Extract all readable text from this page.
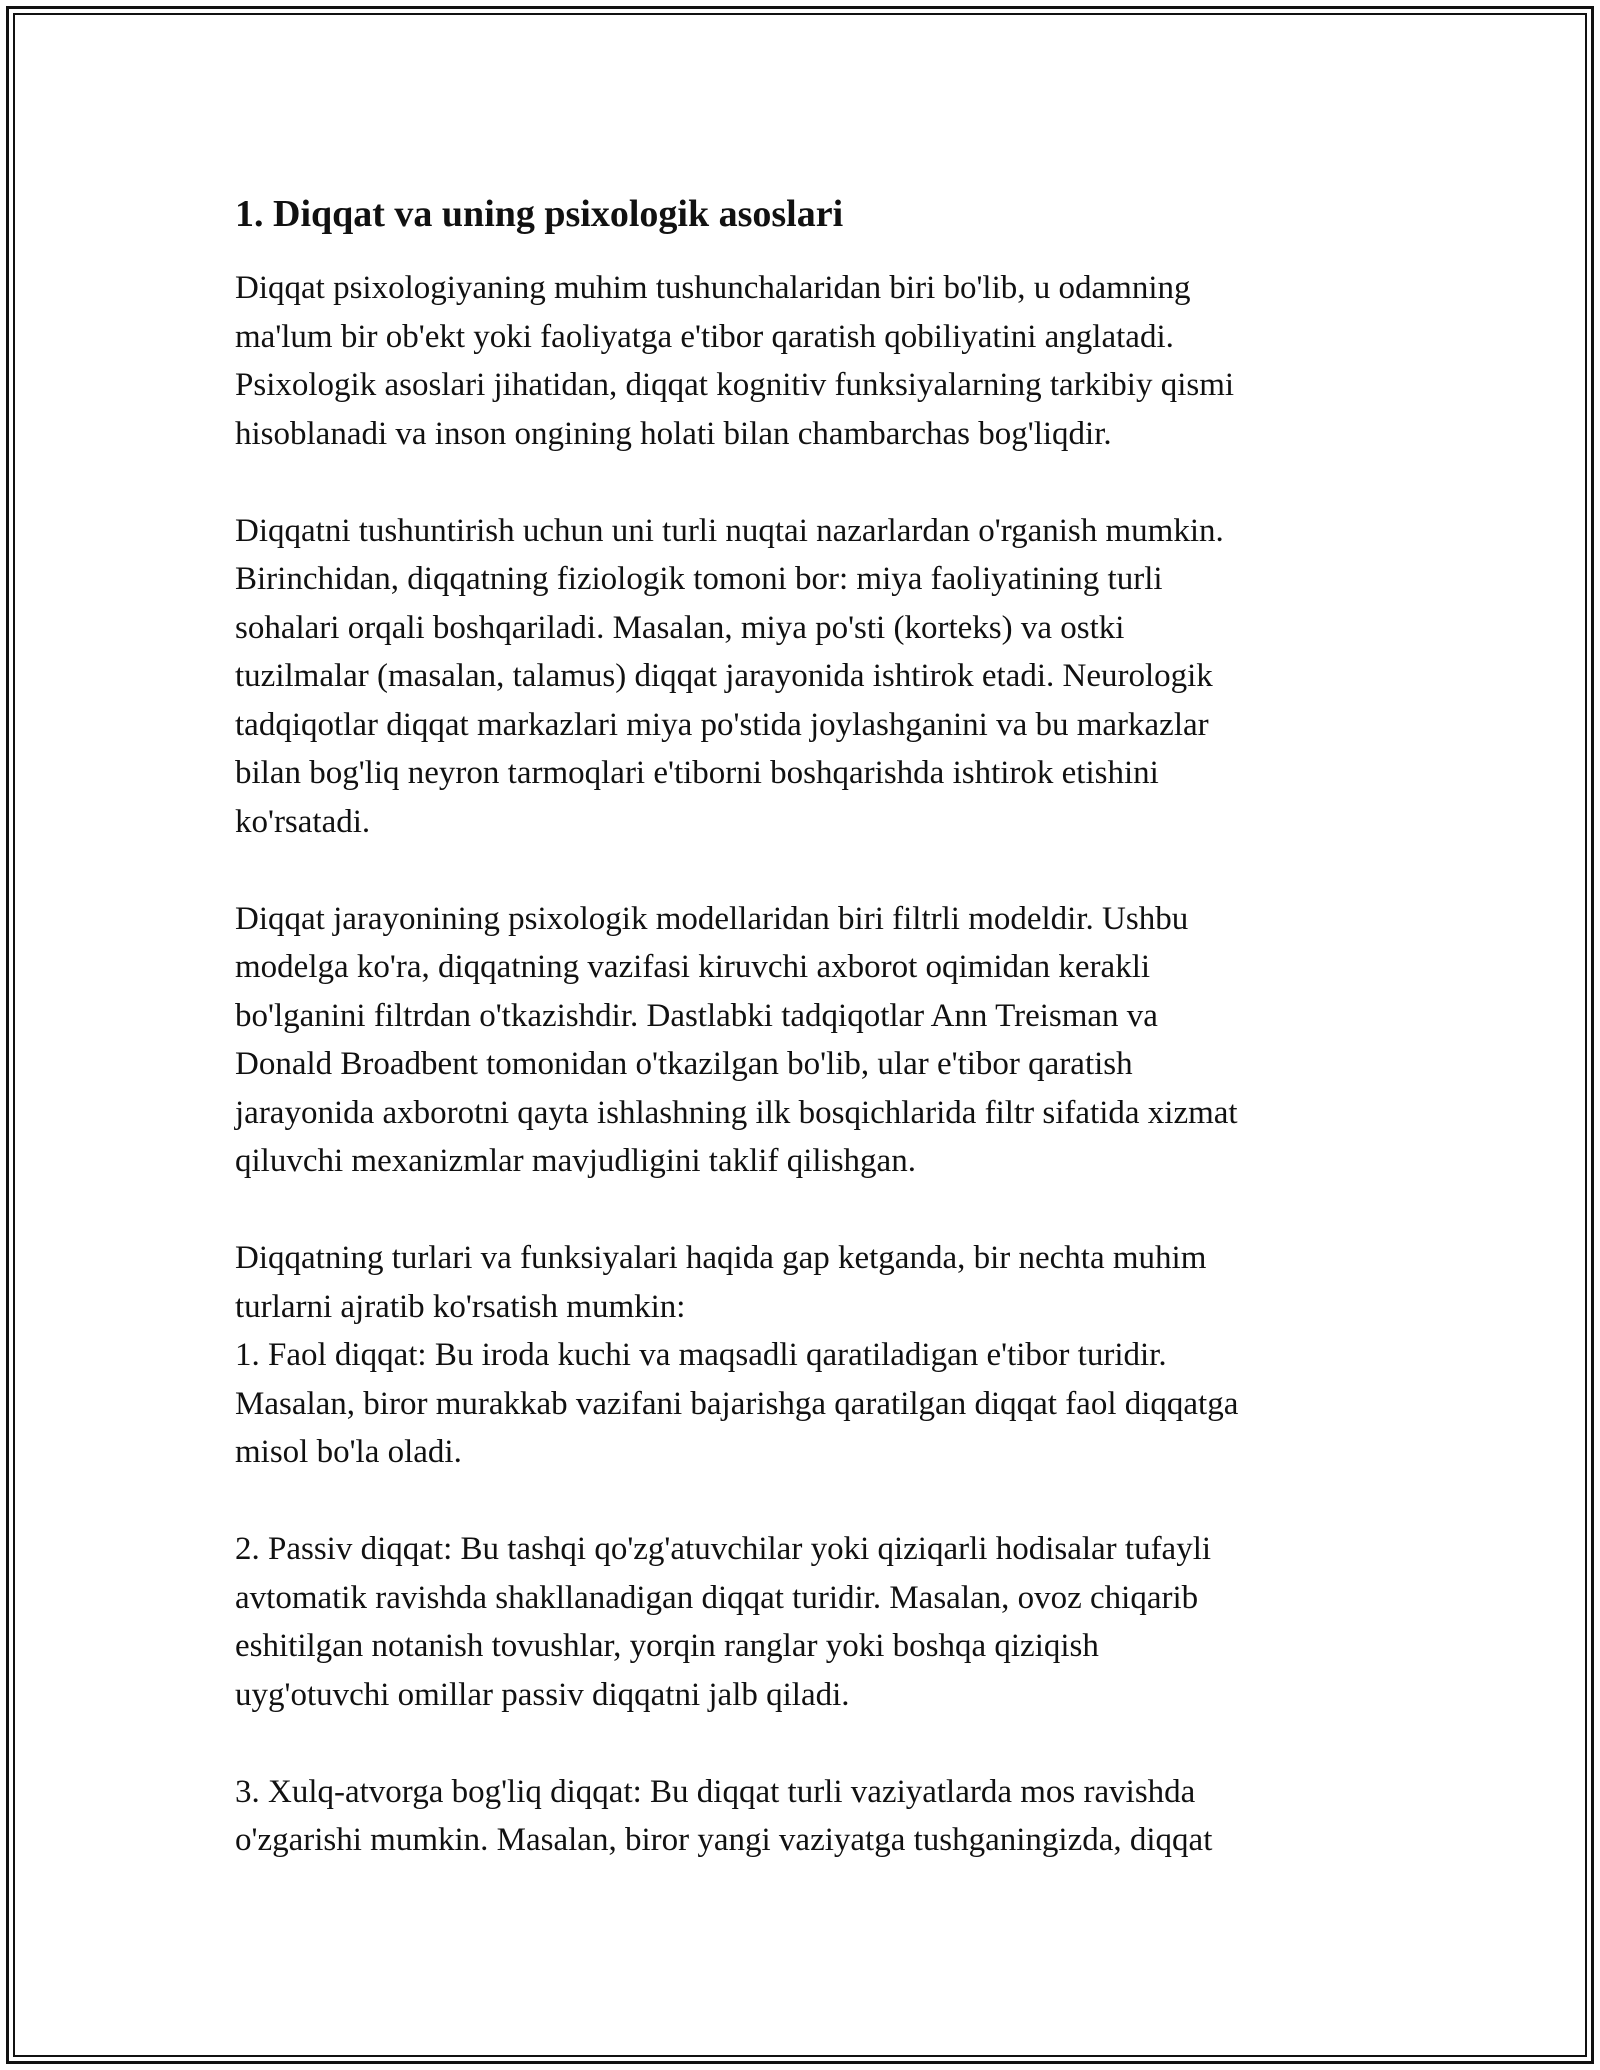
1. Diqqat va uning psixologik asoslari

Diqqat psixologiyaning muhim tushunchalaridan biri bo'lib, u odamning
ma'lum bir ob'ekt yoki faoliyatga e'tibor qaratish qobiliyatini anglatadi.
Psixologik asoslari jihatidan, diqqat kognitiv funksiyalarning tarkibiy qismi
hisoblanadi va inson ongining holati bilan chambarchas bog'liqdir.

Diqqatni tushuntirish uchun uni turli nuqtai nazarlardan o'rganish mumkin.
Birinchidan, diqqatning fiziologik tomoni bor: miya faoliyatining turli
sohalari orqali boshqariladi. Masalan, miya po'sti (korteks) va ostki
tuzilmalar (masalan, talamus) diqqat jarayonida ishtirok etadi. Neurologik
tadqiqotlar diqqat markazlari miya po'stida joylashganini va bu markazlar
bilan bog'liq neyron tarmoqlari e'tiborni boshqarishda ishtirok etishini
ko'rsatadi.

Diqqat jarayonining psixologik modellaridan biri filtrli modeldir. Ushbu
modelga ko'ra, diqqatning vazifasi kiruvchi axborot oqimidan kerakli
bo'lganini filtrdan o'tkazishdir. Dastlabki tadqiqotlar Ann Treisman va
Donald Broadbent tomonidan o'tkazilgan bo'lib, ular e'tibor qaratish
jarayonida axborotni qayta ishlashning ilk bosqichlarida filtr sifatida xizmat
qiluvchi mexanizmlar mavjudligini taklif qilishgan.

Diqqatning turlari va funksiyalari haqida gap ketganda, bir nechta muhim
turlarni ajratib ko'rsatish mumkin:

1. Faol diqqat: Bu iroda kuchi va maqsadli qaratiladigan e'tibor turidir.
Masalan, biror murakkab vazifani bajarishga qaratilgan diqqat faol diqqatga
misol bo'la oladi.

2. Passiv diqqat: Bu tashqi qo'zg'atuvchilar yoki qiziqarli hodisalar tufayli
avtomatik ravishda shakllanadigan diqqat turidir. Masalan, ovoz chiqarib
eshitilgan notanish tovushlar, yorqin ranglar yoki boshqa qiziqish
uyg'otuvchi omillar passiv diqqatni jalb qiladi.

3. Xulq-atvorga bog'liq diqqat: Bu diqqat turli vaziyatlarda mos ravishda
o'zgarishi mumkin. Masalan, biror yangi vaziyatga tushganingizda, diqqat
